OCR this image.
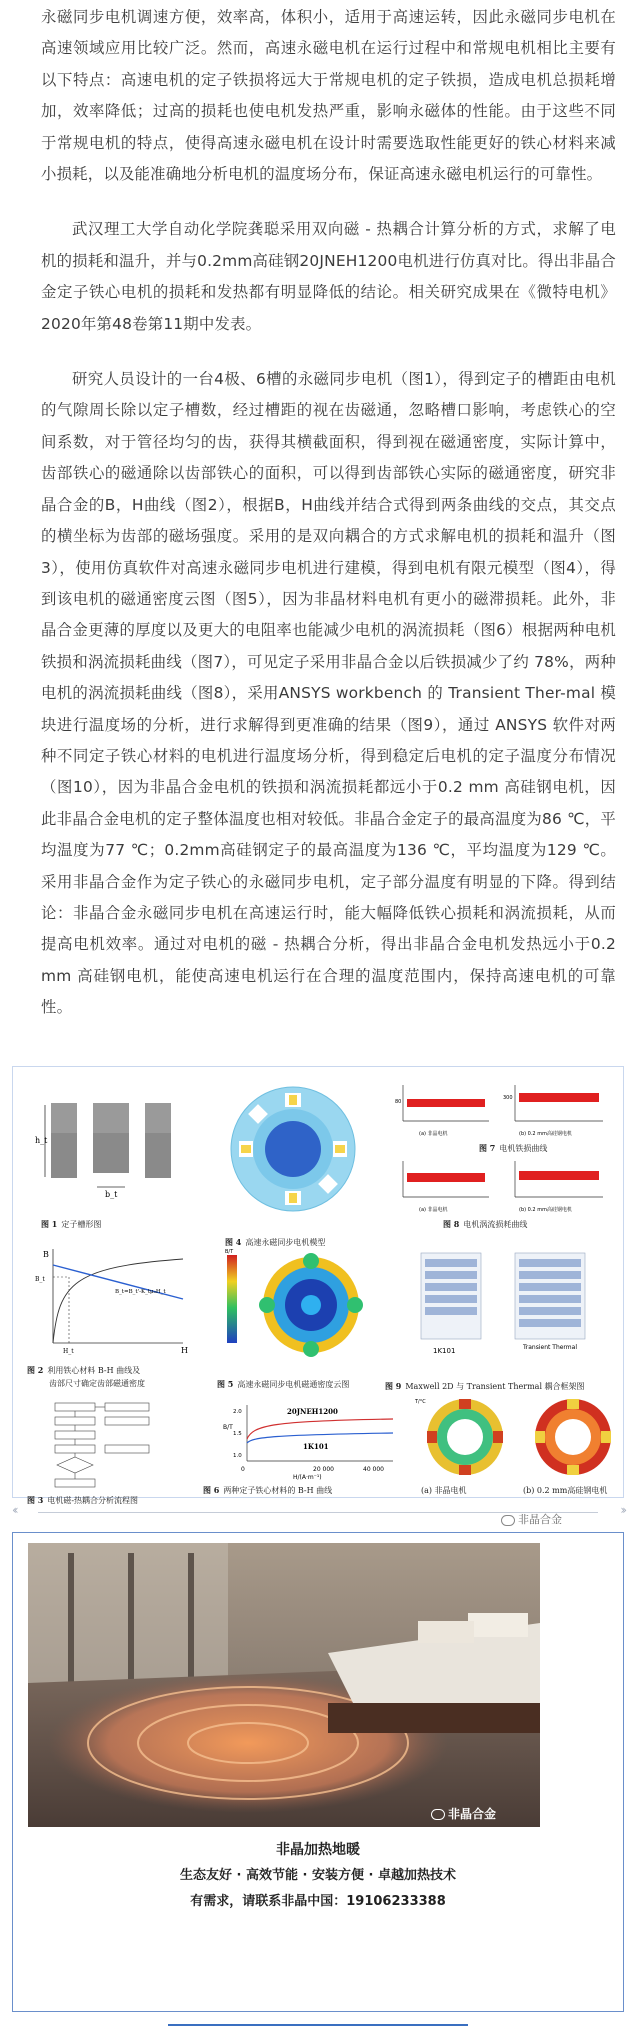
永磁同步电机调速方便，效率高，体积小，适用于高速运转，因此永磁同步电机在高速领域应用比较广泛。然而，高速永磁电机在运行过程中和常规电机相比主要有以下特点：高速电机的定子铁损将远大于常规电机的定子铁损，造成电机总损耗增加，效率降低；过高的损耗也使电机发热严重，影响永磁体的性能。由于这些不同于常规电机的特点，使得高速永磁电机在设计时需要选取性能更好的铁心材料来减小损耗，以及能准确地分析电机的温度场分布，保证高速永磁电机运行的可靠性。

武汉理工大学自动化学院龚聪采用双向磁 - 热耦合计算分析的方式，求解了电机的损耗和温升，并与0.2mm高硅钢20JNEH1200电机进行仿真对比。得出非晶合金定子铁心电机的损耗和发热都有明显降低的结论。相关研究成果在《微特电机》2020年第48卷第11期中发表。

研究人员设计的一台4极、6槽的永磁同步电机（图1），得到定子的槽距由电机的气隙周长除以定子槽数，经过槽距的视在齿磁通，忽略槽口影响，考虑铁心的空间系数，对于管径均匀的齿，获得其横截面积，得到视在磁通密度，实际计算中，齿部铁心的磁通除以齿部铁心的面积，可以得到齿部铁心实际的磁通密度，研究非晶合金的B，H曲线（图2），根据B，H曲线并结合式得到两条曲线的交点，其交点的横坐标为齿部的磁场强度。采用的是双向耦合的方式求解电机的损耗和温升（图3），使用仿真软件对高速永磁同步电机进行建模，得到电机有限元模型（图4），得到该电机的磁通密度云图（图5），因为非晶材料电机有更小的磁滞损耗。此外，非晶合金更薄的厚度以及更大的电阻率也能减少电机的涡流损耗（图6）根据两种电机铁损和涡流损耗曲线（图7），可见定子采用非晶合金以后铁损减少了约 78%，两种电机的涡流损耗曲线（图8），采用ANSYS workbench 的 Transient Ther-mal 模块进行温度场的分析，进行求解得到更准确的结果（图9），通过 ANSYS 软件对两种不同定子铁心材料的电机进行温度场分析，得到稳定后电机的定子温度分布情况（图10），因为非晶合金电机的铁损和涡流损耗都远小于0.2 mm 高硅钢电机，因此非晶合金电机的定子整体温度也相对较低。非晶合金定子的最高温度为86 ℃，平均温度为77 ℃；0.2mm高硅钢定子的最高温度为136 ℃，平均温度为129 ℃。采用非晶合金作为定子铁心的永磁同步电机，定子部分温度有明显的下降。得到结论：非晶合金永磁同步电机在高速运行时，能大幅降低铁心损耗和涡流损耗，从而提高电机效率。通过对电机的磁 - 热耦合分析，得出非晶合金电机发热远小于0.2 mm 高硅钢电机，能使高速电机运行在合理的温度范围内，保持高速电机的可靠性。

h_t
b_t
图 1 定子槽形图
图 4 高速永磁同步电机模型
80
(a) 非晶电机
300
(b) 0.2 mm高硅钢电机
图 7 电机铁损曲线
(a) 非晶电机	(b) 0.2 mm高硅钢电机
图 8 电机涡流损耗曲线
B
H
B_t
H_t
B_t=B_t'-K_tμ₀H_t
图 2 利用铁心材料 B-H 曲线及
齿部尺寸确定齿部磁通密度
B/T
图 5 高速永磁同步电机磁通密度云图
1K101	Transient Thermal
图 9 Maxwell 2D 与 Transient Thermal 耦合框架图
图 3 电机磁-热耦合分析流程图
20JNEH1200
1K101
0	20 000	40 000
H/(A·m⁻¹)
1.0
1.5
2.0
B/T
图 6 两种定子铁心材料的 B-H 曲线
T/°C
(a) 非晶电机	(b) 0.2 mm高硅钢电机
非晶合金
‹‹	››
非晶合金
非晶加热地暖
生态友好 · 高效节能 · 安装方便 · 卓越加热技术
有需求，请联系非晶中国：19106233388
